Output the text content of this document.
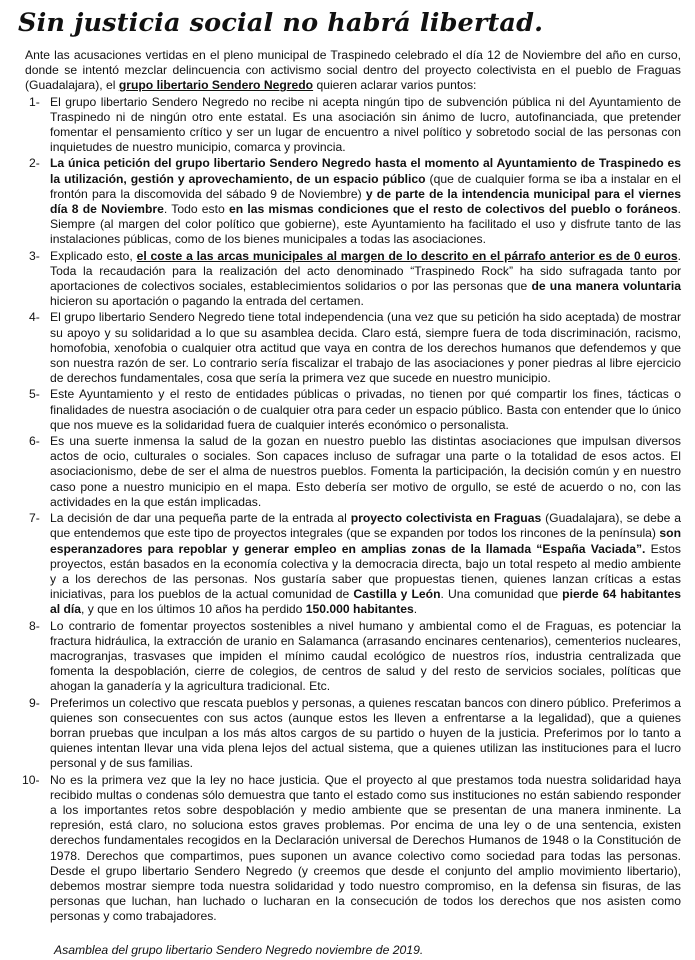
Sin justicia social no habrá libertad.

Ante las acusaciones vertidas en el pleno municipal de Traspinedo celebrado el día 12 de Noviembre del año en curso, donde se intentó mezclar delincuencia con activismo social dentro del proyecto colectivista en el pueblo de Fraguas (Guadalajara), el grupo libertario Sendero Negredo quieren aclarar varios puntos:

1- El grupo libertario Sendero Negredo no recibe ni acepta ningún tipo de subvención pública ni del Ayuntamiento de Traspinedo ni de ningún otro ente estatal. Es una asociación sin ánimo de lucro, autofinanciada, que pretender fomentar el pensamiento crítico y ser un lugar de encuentro a nivel político y sobretodo social de las personas con inquietudes de nuestro municipio, comarca y provincia.
2- La única petición del grupo libertario Sendero Negredo hasta el momento al Ayuntamiento de Traspinedo es la utilización, gestión y aprovechamiento, de un espacio público (que de cualquier forma se iba a instalar en el frontón para la discomovida del sábado 9 de Noviembre) y de parte de la intendencia municipal para el viernes día 8 de Noviembre. Todo esto en las mismas condiciones que el resto de colectivos del pueblo o foráneos. Siempre (al margen del color político que gobierne), este Ayuntamiento ha facilitado el uso y disfrute tanto de las instalaciones públicas, como de los bienes municipales a todas las asociaciones.
3- Explicado esto, el coste a las arcas municipales al margen de lo descrito en el párrafo anterior es de 0 euros. Toda la recaudación para la realización del acto denominado “Traspinedo Rock” ha sido sufragada tanto por aportaciones de colectivos sociales, establecimientos solidarios o por las personas que de una manera voluntaria hicieron su aportación o pagando la entrada del certamen.
4- El grupo libertario Sendero Negredo tiene total independencia (una vez que su petición ha sido aceptada) de mostrar su apoyo y su solidaridad a lo que su asamblea decida. Claro está, siempre fuera de toda discriminación, racismo, homofobia, xenofobia o cualquier otra actitud que vaya en contra de los derechos humanos que defendemos y que son nuestra razón de ser. Lo contrario sería fiscalizar el trabajo de las asociaciones y poner piedras al libre ejercicio de derechos fundamentales, cosa que sería la primera vez que sucede en nuestro municipio.
5- Este Ayuntamiento y el resto de entidades públicas o privadas, no tienen por qué compartir los fines, tácticas o finalidades de nuestra asociación o de cualquier otra para ceder un espacio público. Basta con entender que lo único que nos mueve es la solidaridad fuera de cualquier interés económico o personalista.
6- Es una suerte inmensa la salud de la gozan en nuestro pueblo las distintas asociaciones que impulsan diversos actos de ocio, culturales o sociales. Son capaces incluso de sufragar una parte o la totalidad de esos actos. El asociacionismo, debe de ser el alma de nuestros pueblos. Fomenta la participación, la decisión común y en nuestro caso pone a nuestro municipio en el mapa. Esto debería ser motivo de orgullo, se esté de acuerdo o no, con las actividades en la que están implicadas.
7- La decisión de dar una pequeña parte de la entrada al proyecto colectivista en Fraguas (Guadalajara), se debe a que entendemos que este tipo de proyectos integrales (que se expanden por todos los rincones de la península) son esperanzadores para repoblar y generar empleo en amplias zonas de la llamada “España Vaciada”. Estos proyectos, están basados en la economía colectiva y la democracia directa, bajo un total respeto al medio ambiente y a los derechos de las personas. Nos gustaría saber que propuestas tienen, quienes lanzan críticas a estas iniciativas, para los pueblos de la actual comunidad de Castilla y León. Una comunidad que pierde 64 habitantes al día, y que en los últimos 10 años ha perdido 150.000 habitantes.
8- Lo contrario de fomentar proyectos sostenibles a nivel humano y ambiental como el de Fraguas, es potenciar la fractura hidráulica, la extracción de uranio en Salamanca (arrasando encinares centenarios), cementerios nucleares, macrogranjas, trasvases que impiden el mínimo caudal ecológico de nuestros ríos, industria centralizada que fomenta la despoblación, cierre de colegios, de centros de salud y del resto de servicios sociales, políticas que ahogan la ganadería y la agricultura tradicional. Etc.
9- Preferimos un colectivo que rescata pueblos y personas, a quienes rescatan bancos con dinero público. Preferimos a quienes son consecuentes con sus actos (aunque estos les lleven a enfrentarse a la legalidad), que a quienes borran pruebas que inculpan a los más altos cargos de su partido o huyen de la justicia. Preferimos por lo tanto a quienes intentan llevar una vida plena lejos del actual sistema, que a quienes utilizan las instituciones para el lucro personal y de sus familias.
10- No es la primera vez que la ley no hace justicia. Que el proyecto al que prestamos toda nuestra solidaridad haya recibido multas o condenas sólo demuestra que tanto el estado como sus instituciones no están sabiendo responder a los importantes retos sobre despoblación y medio ambiente que se presentan de una manera inminente. La represión, está claro, no soluciona estos graves problemas. Por encima de una ley o de una sentencia, existen derechos fundamentales recogidos en la Declaración universal de Derechos Humanos de 1948 o la Constitución de 1978. Derechos que compartimos, pues suponen un avance colectivo como sociedad para todas las personas. Desde el grupo libertario Sendero Negredo (y creemos que desde el conjunto del amplio movimiento libertario), debemos mostrar siempre toda nuestra solidaridad y todo nuestro compromiso, en la defensa sin fisuras, de las personas que luchan, han luchado o lucharan en la consecución de todos los derechos que nos asisten como personas y como trabajadores.

Asamblea del grupo libertario Sendero Negredo noviembre de 2019.
